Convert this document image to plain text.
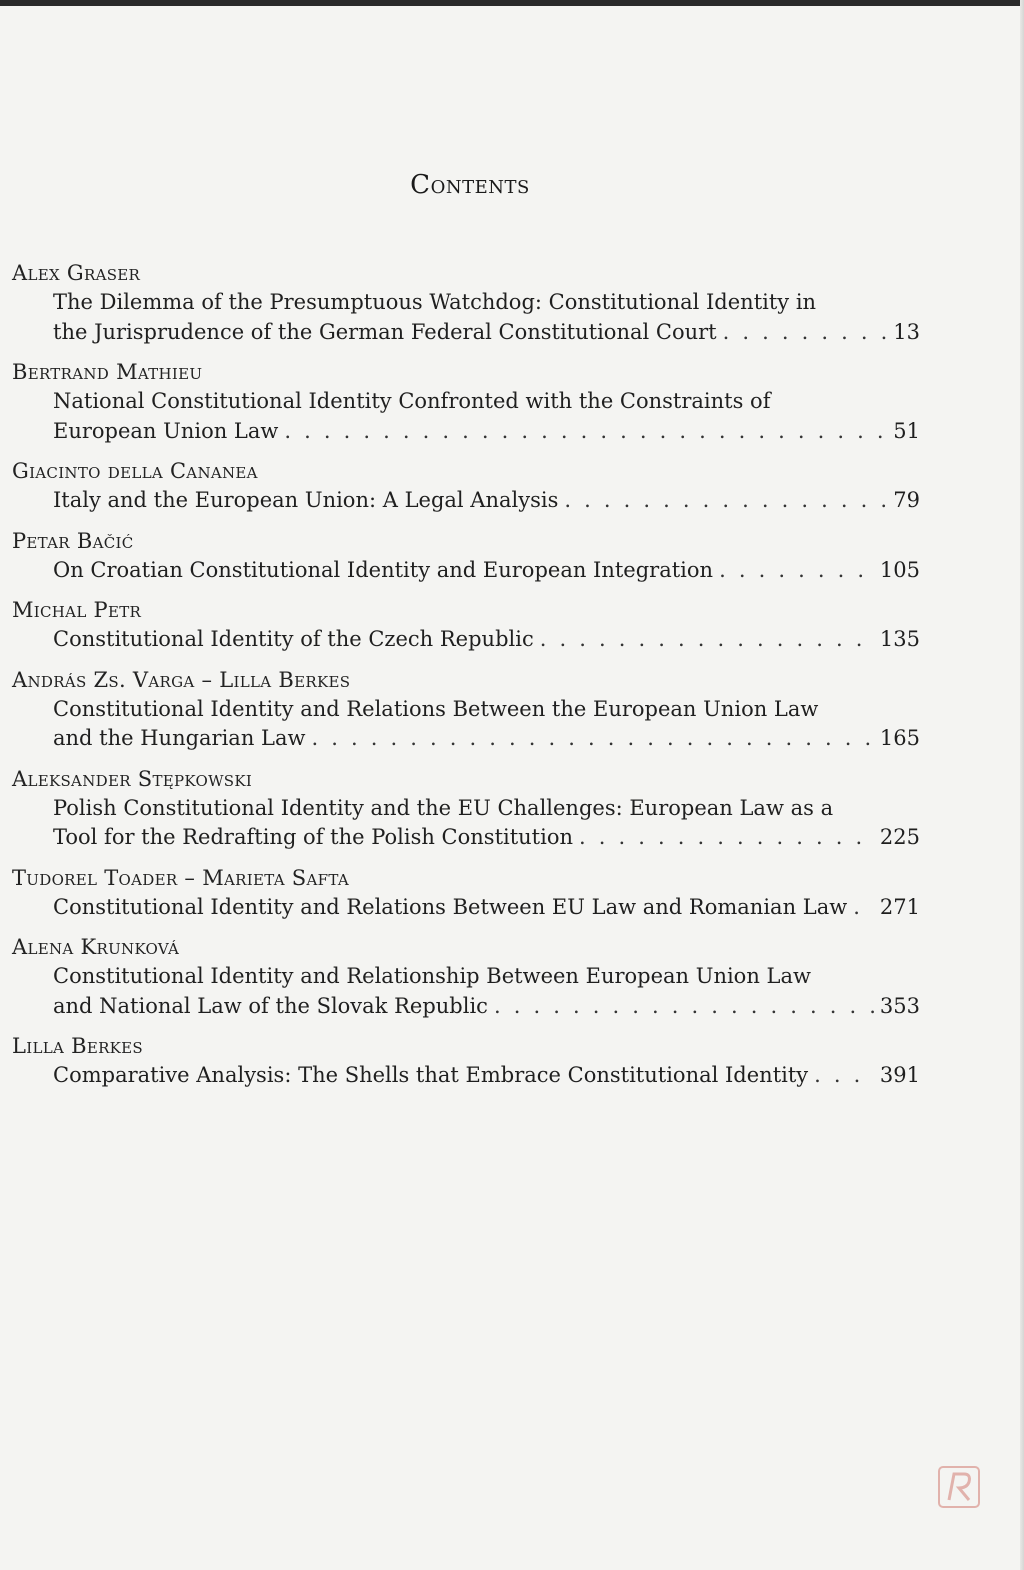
Contents
Alex Graser
The Dilemma of the Presumptuous Watchdog: Constitutional Identity in
the Jurisprudence of the German Federal Constitutional Court . . .	13
Bertrand Mathieu
National Constitutional Identity Confronted with the Constraints of
European Union Law . . .	51
Giacinto della Cananea
Italy and the European Union: A Legal Analysis . . .	79
Petar Bačić
On Croatian Constitutional Identity and European Integration . . .	105
Michal Petr
Constitutional Identity of the Czech Republic . . .	135
András Zs. Varga – Lilla Berkes
Constitutional Identity and Relations Between the European Union Law
and the Hungarian Law . . .	165
Aleksander Stępkowski
Polish Constitutional Identity and the EU Challenges: European Law as a
Tool for the Redrafting of the Polish Constitution . . .	225
Tudorel Toader – Marieta Safta
Constitutional Identity and Relations Between EU Law and Romanian Law . . . 271
Alena Krunková
Constitutional Identity and Relationship Between European Union Law
and National Law of the Slovak Republic . . .	353
Lilla Berkes
Comparative Analysis: The Shells that Embrace Constitutional Identity . . .	391
